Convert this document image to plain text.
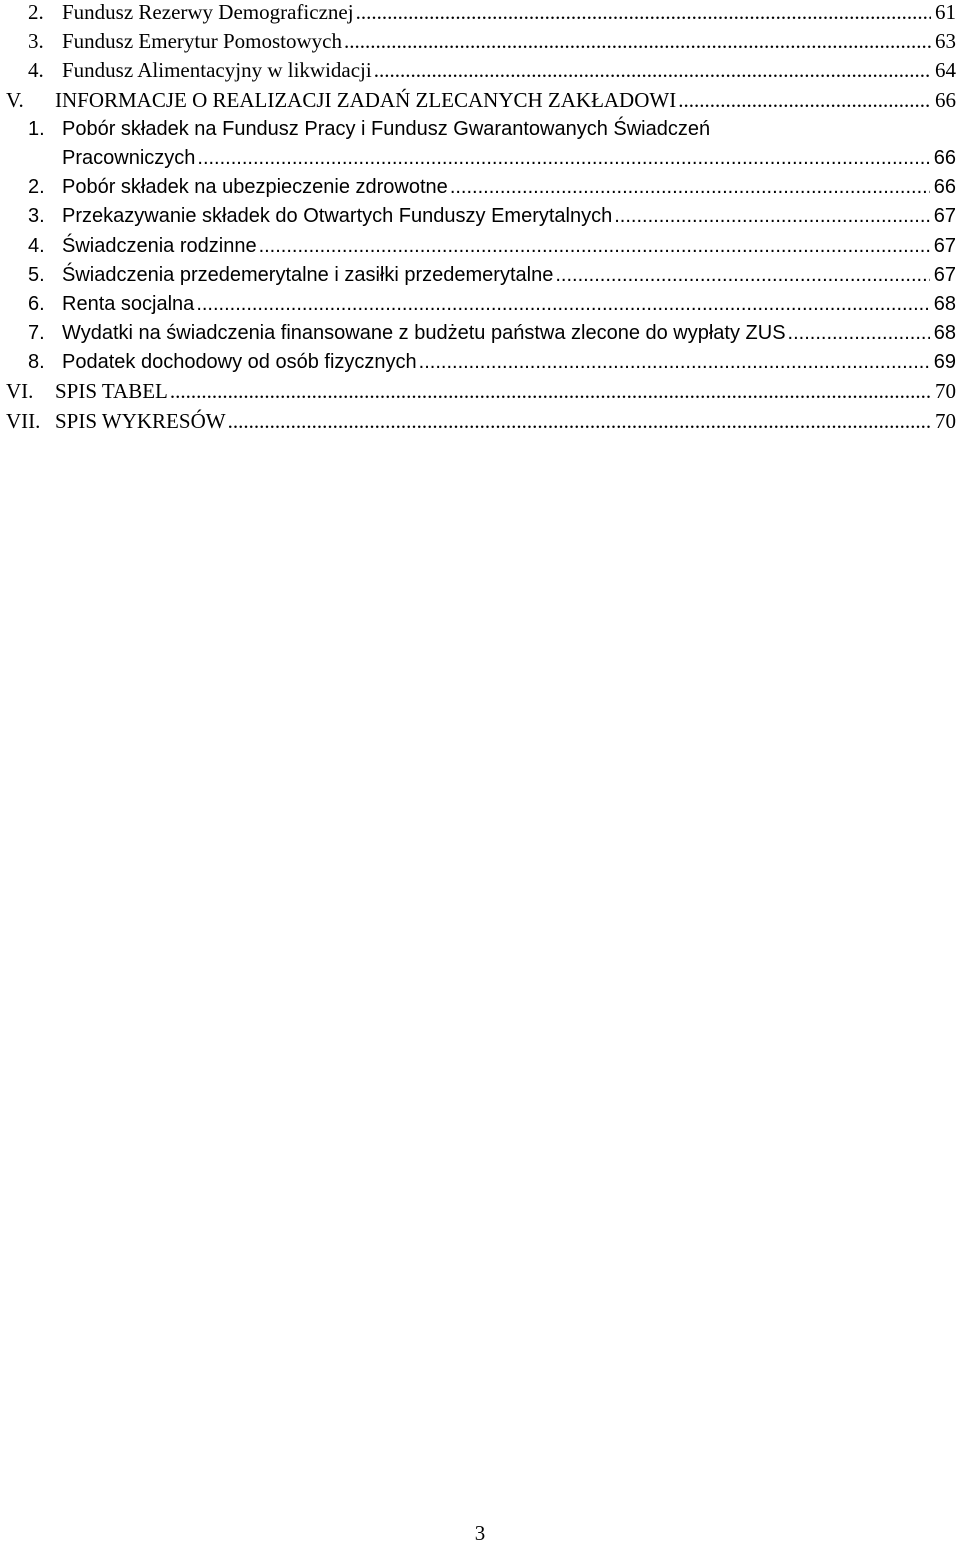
2. Fundusz Rezerwy Demograficznej .....	61
3. Fundusz Emerytur Pomostowych .....	63
4. Fundusz Alimentacyjny w likwidacji .....	64
V.	INFORMACJE O REALIZACJI ZADAŃ ZLECANYCH ZAKŁADOWI .....	66
1. Pobór składek na Fundusz Pracy i Fundusz Gwarantowanych Świadczeń
Pracowniczych .....	66
2. Pobór składek na ubezpieczenie zdrowotne .....	66
3. Przekazywanie składek do Otwartych Funduszy Emerytalnych .....	67
4. Świadczenia rodzinne .....	67
5. Świadczenia przedemerytalne i zasiłki przedemerytalne .....	67
6. Renta socjalna .....	68
7. Wydatki na świadczenia finansowane z budżetu państwa zlecone do wypłaty ZUS .....	68
8. Podatek dochodowy od osób fizycznych .....	69
VI.	SPIS TABEL .....	70
VII. SPIS WYKRESÓW .....	70
3
